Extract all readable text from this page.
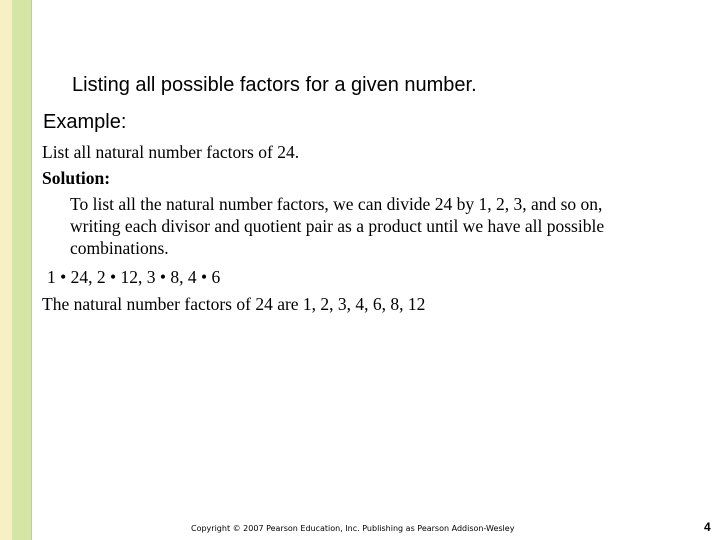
Listing all possible factors for a given number.
Example:
List all natural number factors of 24.
Solution:
To list all the natural number factors, we can divide 24 by 1, 2, 3, and so on,
writing each divisor and quotient pair as a product until we have all possible
combinations.
1 • 24, 2 • 12, 3 • 8, 4 • 6
The natural number factors of 24 are 1, 2, 3, 4, 6, 8, 12
Copyright © 2007 Pearson Education, Inc. Publishing as Pearson Addison-Wesley	4
